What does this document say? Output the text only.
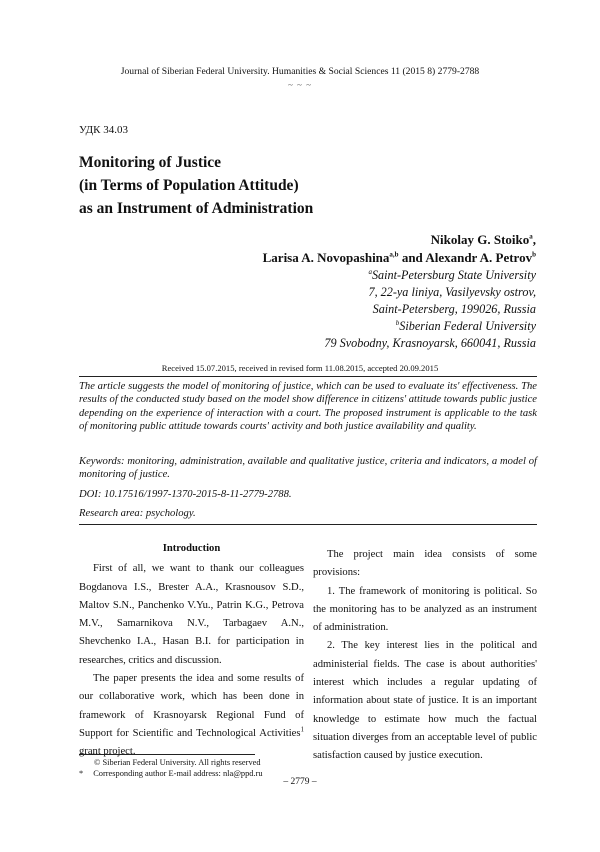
Journal of Siberian Federal University. Humanities & Social Sciences 11 (2015 8) 2779-2788
~ ~ ~
УДК 34.03
Monitoring of Justice
(in Terms of Population Attitude)
as an Instrument of Administration
Nikolay G. Stoiko$^a$,
Larisa A. Novopashina$^{a,b}$ and Alexandr A. Petrov$^b$
$^a$Saint-Petersburg State University
7, 22-ya liniya, Vasilyevsky ostrov,
Saint-Petersberg, 199026, Russia
$^b$Siberian Federal University
79 Svobodny, Krasnoyarsk, 660041, Russia
Received 15.07.2015, received in revised form 11.08.2015, accepted 20.09.2015
The article suggests the model of monitoring of justice, which can be used to evaluate its' effectiveness. The results of the conducted study based on the model show difference in citizens' attitude towards public justice depending on the experience of interaction with a court. The proposed instrument is applicable to the task of monitoring public attitude towards courts' activity and both justice availability and quality.
Keywords: monitoring, administration, available and qualitative justice, criteria and indicators, a model of monitoring of justice.
DOI: 10.17516/1997-1370-2015-8-11-2779-2788.
Research area: psychology.

Introduction

First of all, we want to thank our colleagues Bogdanova I.S., Brester A.A., Krasnousov S.D., Maltov S.N., Panchenko V.Yu., Patrin K.G., Petrova M.V., Samarnikova N.V., Tarbagaev A.N., Shevchenko I.A., Hasan B.I. for participation in researches, critics and discussion.

The paper presents the idea and some results of our collaborative work, which has been done in framework of Krasnoyarsk Regional Fund of Support for Scientific and Technological Activities$^1$ grant project.

The project main idea consists of some provisions:

1. The framework of monitoring is political. So the monitoring has to be analyzed as an instrument of administration.

2. The key interest lies in the political and administerial fields. The case is about authorities' interest which includes a regular updating of information about state of justice. It is an important knowledge to estimate how much the factual situation diverges from an acceptable level of public satisfaction caused by justice execution.

© Siberian Federal University. All rights reserved
* Corresponding author E-mail address: nla@ppd.ru
– 2779 –
